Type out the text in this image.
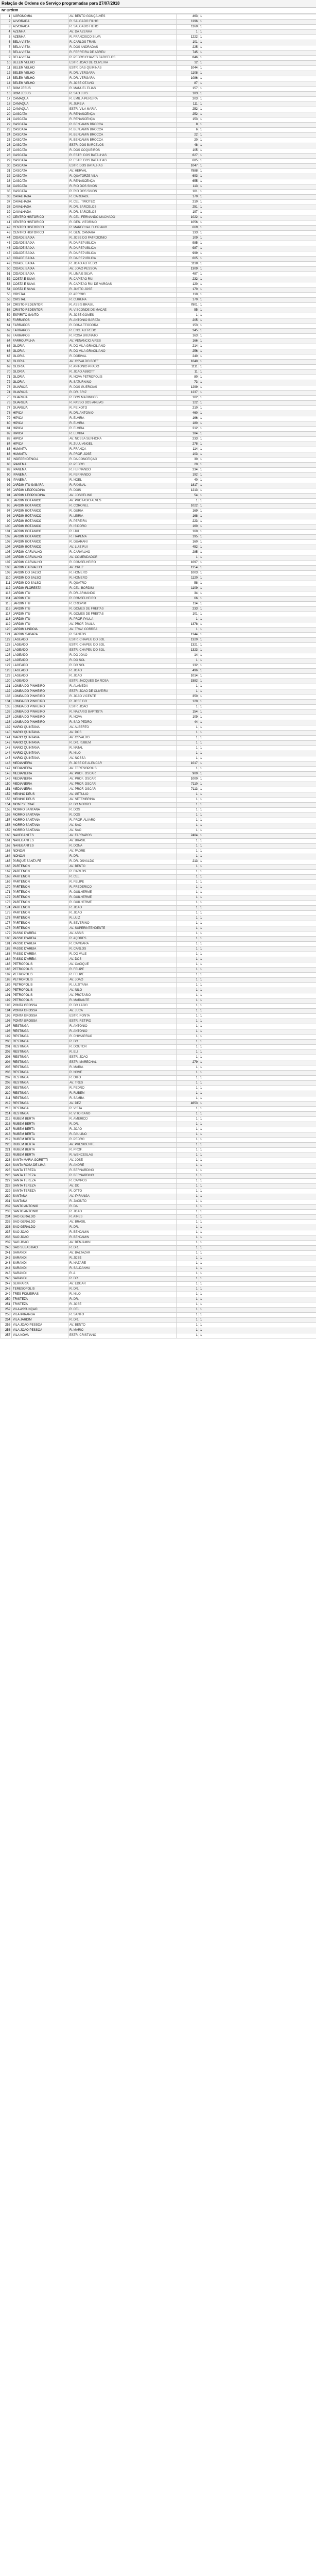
Relação de Ordens de Serviço programadas para 27/07/2018
Nr Ordem
1	AGRONOMIA	AV. BENTO GONÇALVES	463	1
2	ALVORADA	R. SALGADO FILHO	1196	1
3	ALVORADA	R. SALGADO FILHO	1160	1
4	AZENHA	AV. DA AZENHA	1	1
5	AZENHA	R. FRANCISCO SILVA	1222	1
6	BELA VISTA	R. CARLOS TRAIN	101	1
7	BELA VISTA	R. DOS ANDRADAS	225	1
8	BELA VISTA	R. FERREIRA DE ABREU	745	1
9	BELA VISTA	R. PEDRO CHAVES BARCELOS	846	1
10	BELÉM VELHO	ESTR. JOÃO DE OLIVEIRA	12	1
11	BELÉM VELHO	ESTR. DAS QUIRINAS	1044	1
12	BELÉM VELHO	R. DR. VERGARA	1108	1
13	BELÉM VELHO	R. DR. VERGARA	1086	1
14	BELÉM VELHO	R. JOSÉ OTÁVIO	87	1
15	BOM JESUS	R. MANUEL ELIAS	157	1
16	BOM JESUS	R. SÃO LUÍS	183	1
17	CAMAQUÃ	R. EMÍLIA PEREIRA	203	1
18	CAMAQUÃ	R. JUREIA	111	1
19	CAMAQUÃ	ESTR. VILA MARIA	252	1
20	CASCATA	R. RENASCENÇA	252	1
21	CASCATA	R. RENASCENÇA	153	1
22	CASCATA	R. BENJAMIN BROCCA	8	1
23	CASCATA	R. BENJAMIN BROCCA	6	1
24	CASCATA	R. BENJAMIN BROCCA	22	1
25	CASCATA	R. BENJAMIN BROCCA	20	1
26	CASCATA	ESTR. DOS BARCELOS	48	1
27	CASCATA	R. DOS COQUEIROS	105	1
28	CASCATA	R. ESTR. DOS BATALHAS	627	1
29	CASCATA	R. ESTR. DOS BATALHAS	685	1
30	CASCATA	ESTR. DOS BATALHAS	1047	1
31	CASCATA	AV. HERVAL	7888	1
32	CASCATA	R. QUATORZE VILA	693	1
33	CASCATA	R. RENASCENÇA	655	1
34	CASCATA	R. RIO DOS SINOS	113	1
35	CASCATA	R. RIO DOS SINOS	101	1
36	CAVALHADA	R. CARIDADE	170	1
37	CAVALHADA	R. CEL. TIMÓTEO	210	1
38	CAVALHADA	R. DR. BARCELOS	251	1
39	CAVALHADA	R. DR. BARCELOS	197	1
40	CENTRO HISTÓRICO	R. CEL. FERNANDO MACHADO	1022	1
41	CENTRO HISTÓRICO	R. GEN. VITORINO	1056	1
42	CENTRO HISTÓRICO	R. MARECHAL FLORIANO	669	1
43	CENTRO HISTÓRICO	R. GEN. CÂMARA	133	1
44	CIDADE BAIXA	R. JOSÉ DO PATROCÍNIO	109	1
45	CIDADE BAIXA	R. DA REPÚBLICA	985	1
46	CIDADE BAIXA	R. DA REPÚBLICA	987	1
47	CIDADE BAIXA	R. DA REPÚBLICA	999	1
48	CIDADE BAIXA	R. DA REPÚBLICA	605	1
49	CIDADE BAIXA	R. JOÃO ALFREDO	1118	1
50	CIDADE BAIXA	AV. JOÃO PESSOA	1309	1
51	CIDADE BAIXA	R. LIMA E SILVA	487	1
52	COSTA E SILVA	R. CAPITÃO RUI	232	1
53	COSTA E SILVA	R. CAPITÃO RUI DE VARGAS	120	1
54	COSTA E SILVA	R. JUSTO JOSÉ	170	1
55	CRISTAL	R. ARROIO	110	1
56	CRISTAL	R. CURUPÁ	170	1
57	CRISTO REDENTOR	R. ASSIS BRASIL	7801	1
58	CRISTO REDENTOR	R. VISCONDE DE MACAÉ	55	1
59	ESPÍRITO SANTO	R. JOSÉ GOMES	1	1
60	FARRAPOS	R. ANTÔNIO BARATA	205	1
61	FARRAPOS	R. DONA TEODORA	153	1
62	FARRAPOS	R. ENG. ALFREDO	245	1
63	FARRAPOS	R. ROSA BRUNATO	163	1
64	FARROUPILHA	AV. VENÂNCIO AIRES	166	1
65	GLÓRIA	R. DO VILA GRACILIANO	214	1
66	GLÓRIA	R. DO VILA GRACILIANO	256	1
67	GLÓRIA	R. DORIVAL	240	1
68	GLÓRIA	AV. OSVALDO BOFF	1040	1
69	GLÓRIA	R. ANTÔNIO PRADO	1111	1
70	GLÓRIA	R. JOÃO ABBOTT	11	1
71	GLÓRIA	R. NOVA PETRÓPOLIS	80	1
72	GLÓRIA	R. SATURNINO	73	1
73	GUARUJÁ	R. DOS GUERCIAS	1299	1
74	GUARUJÁ	R. DR. BRIZ	1237	1
75	GUARUJÁ	R. DOS MARINHOS	102	1
76	GUARUJÁ	R. PASSO DOS AREIAS	122	1
77	GUARUJÁ	R. PEIXOTO	210	1
78	HÍPICA	R. DR. ANTÔNIO	460	1
79	HÍPICA	R. ELVIRA	166	1
80	HÍPICA	R. ELVIRA	180	1
81	HÍPICA	R. ELVIRA	212	1
82	HÍPICA	R. ELVIRA	184	1
83	HÍPICA	AV. NOSSA SENHORA	233	1
84	HÍPICA	R. ZULU ANGEL	278	1
85	HUMAITÁ	R. FRANÇA	114	1
86	HUMAITÁ	R. PROF. JOSÉ	103	1
87	INDEPENDÊNCIA	R. DA CONCEIÇÃO	30	1
88	IPANEMA	R. PEDRO	20	1
89	IPANEMA	R. FERNANDO	234	1
90	IPANEMA	R. FERNANDO	192	1
91	IPANEMA	R. NOEL	40	1
92	JARDIM ITU SABARÁ	R. FAXINAL	1817	1
93	JARDIM LEOPOLDINA	R. DOIS	1213	1
94	JARDIM LEOPOLDINA	AV. JOSCELINO	54	1
95	JARDIM BOTÂNICO	AV. PROTÁSIO ALVES	1	1
96	JARDIM BOTÂNICO	R. CORONEL	1022	1
97	JARDIM BOTÂNICO	R. GURIA	169	1
98	JARDIM BOTÂNICO	R. LEIRIA	168	1
99	JARDIM BOTÂNICO	R. PEREIRA	223	1
100	JARDIM BOTÂNICO	R. ISIDORO	160	1
101	JARDIM BOTÂNICO	R. IJUÍ	160	1
102	JARDIM BOTÂNICO	R. ITAPEMA	195	1
103	JARDIM BOTÂNICO	R. GUARANI	160	1
104	JARDIM BOTÂNICO	AV. LUIZ RUI	452	1
105	JARDIM CARVALHO	R. CARVALHO	285	1
106	JARDIM CARVALHO	AV. COMENDADOR	1	1
107	JARDIM CARVALHO	R. CONSELHEIRO	1097	1
108	JARDIM CARVALHO	AV. CRUZ	1254	1
109	JARDIM DO SALSO	R. HOMERO	1003	1
110	JARDIM DO SALSO	R. HOMERO	1120	1
111	JARDIM DO SALSO	R. QUATRO	58	1
112	JARDIM FLORESTA	R. CEL. BORDINI	1109	1
113	JARDIM ITU	R. DR. ARMANDO	34	1
114	JARDIM ITU	R. CONSELHEIRO	66	1
115	JARDIM ITU	R. CRÍSPIM	114	1
116	JARDIM ITU	R. GOMES DE FREITAS	233	1
117	JARDIM ITU	R. GOMES DE FREITAS	101	1
118	JARDIM ITU	R. PROF. PAULA	1	1
119	JARDIM ITU	AV. PROF. PAULA	1378	1
120	JARDIM LINDÓIA	AV. TRAV. CORRÊA	1	1
121	JARDIM SABARÁ	R. SANTOS	1244	1
122	LAGEADO	ESTR. CHAPÉU DO SOL	1320	1
123	LAGEADO	ESTR. CHAPÉU DO SOL	1321	1
124	LAGEADO	ESTR. CHAPÉU DO SOL	1323	1
125	LAGEADO	R. DO JOÃO	14	1
126	LAGEADO	R. DO SOL	1	1
127	LAGEADO	R. DO SOL	132	1
128	LAGEADO	R. JOÃO	496	1
129	LAGEADO	R. JOÃO	1014	1
130	LAGEADO	ESTR. JACQUES DA ROSA	1582	1
131	LOMBA DO PINHEIRO	R. ALAMEDA	1	1
132	LOMBA DO PINHEIRO	ESTR. JOÃO DE OLIVEIRA	1	1
133	LOMBA DO PINHEIRO	R. JOÃO VICENTE	350	1
134	LOMBA DO PINHEIRO	R. JOSÉ DO	120	1
135	LOMBA DO PINHEIRO	ESTR. JOÃO	1	1
136	LOMBA DO PINHEIRO	R. NAZÁRIO BAPTISTA	154	1
137	LOMBA DO PINHEIRO	R. NOVA	109	1
138	LOMBA DO PINHEIRO	R. SÃO PEDRO	44	1
139	MARIO QUINTANA	AV. ALBERTO	1	1
140	MARIO QUINTANA	AV. DOS	1	1
141	MARIO QUINTANA	AV. OSVALDO	1	1
142	MARIO QUINTANA	R. DR. RUBEM	1	1
143	MARIO QUINTANA	R. NATAL	1	1
144	MARIO QUINTANA	R. NILO	1	1
145	MARIO QUINTANA	AV. NOSSA	1	1
146	MEDIANEIRA	R. JOSÉ DE ALENCAR	1017	1
147	MEDIANEIRA	AV. TERESÓPOLIS	1	1
148	MEDIANEIRA	AV. PROF. OSCAR	900	1
149	MEDIANEIRA	AV. PROF. OSCAR	1000	1
150	MEDIANEIRA	AV. PROF. OSCAR	7110	1
151	MEDIANEIRA	AV. PROF. OSCAR	7113	1
152	MENINO DEUS	AV. GETÚLIO	1	1
153	MENINO DEUS	AV. SETEMBRINA	1	1
154	MONT'SERRAT	R. DO MORRO	1	1
155	MORRO SANTANA	R. DOS	1	1
156	MORRO SANTANA	R. DOS	1	1
157	MORRO SANTANA	R. PROF. ÁLVARO	1	1
158	MORRO SANTANA	AV. SÃO	1	1
159	MORRO SANTANA	AV. SÃO	1	1
160	NAVEGANTES	AV. FARRAPOS	2404	1
161	NAVEGANTES	AV. BRASIL	1	1
162	NAVEGANTES	R. DONA	1	1
163	NONOAI	AV. PADRE	1	1
164	NONOAI	R. DR.	1	1
165	PARQUE SANTA FÉ	R. DR. OSVALDO	213	1
166	PARTENON	AV. BENTO	1	1
167	PARTENON	R. CARLOS	1	1
168	PARTENON	R. CEL.	1	1
169	PARTENON	R. FELIPE	1	1
170	PARTENON	R. FREDERICO	1	1
171	PARTENON	R. GUILHERME	1	1
172	PARTENON	R. GUILHERME	1	1
173	PARTENON	R. GUILHERME	1	1
174	PARTENON	R. JOÃO	1	1
175	PARTENON	R. JOÃO	1	1
176	PARTENON	R. LUIZ	1	1
177	PARTENON	R. SEVERINO	1	1
178	PARTENON	AV. SUPERINTENDENTE	1	1
179	PASSO D'AREIA	AV. ASSIS	1	1
180	PASSO D'AREIA	R. AÇORES	1	1
181	PASSO D'AREIA	R. CAMBARÁ	1	1
182	PASSO D'AREIA	R. CARLOS	1	1
183	PASSO D'AREIA	R. DO VALE	1	1
184	PASSO D'AREIA	AV. DOS	1	1
185	PETRÓPOLIS	AV. CACIQUE	1	1
186	PETRÓPOLIS	R. FELIPE	1	1
187	PETRÓPOLIS	R. FELIPE	1	1
188	PETRÓPOLIS	AV. JOÃO	1	1
189	PETRÓPOLIS	R. LUZITANA	1	1
190	PETRÓPOLIS	AV. NILO	1	1
191	PETRÓPOLIS	AV. PROTÁSIO	1	1
192	PETRÓPOLIS	R. MARIANTE	1	1
193	PONTA GROSSA	R. DO LAGO	1	1
194	PONTA GROSSA	AV. JUCA	1	1
195	PONTA GROSSA	ESTR. PONTA	1	1
196	PONTA GROSSA	ESTR. RETIRO	1	1
197	RESTINGA	R. ANTÔNIO	1	1
198	RESTINGA	R. ANTÔNIO	1	1
199	RESTINGA	R. CHIMARRÃO	1	1
200	RESTINGA	R. DO	1	1
201	RESTINGA	R. DOUTOR	1	1
202	RESTINGA	R. ELI	1	1
203	RESTINGA	ESTR. JOÃO	1	1
204	RESTINGA	ESTR. MARECHAL	279	1
205	RESTINGA	R. MARIA	1	1
206	RESTINGA	R. NOVE	1	1
207	RESTINGA	R. OITO	1	1
208	RESTINGA	AV. TRÊS	1	1
209	RESTINGA	R. PEDRO	1	1
210	RESTINGA	R. RUBEM	1	1
211	RESTINGA	R. SAMBA	1	1
212	RESTINGA	AV. DEZ	4653	1
213	RESTINGA	R. VISTA	1	1
214	RESTINGA	R. VITORIANO	1	1
215	RUBEM BERTA	R. AMÉRICO	1	1
216	RUBEM BERTA	R. DR.	1	1
217	RUBEM BERTA	R. JOÃO	1	1
218	RUBEM BERTA	R. PAULINO	1	1
219	RUBEM BERTA	R. PEDRO	1	1
220	RUBEM BERTA	AV. PRESIDENTE	1	1
221	RUBEM BERTA	R. PROF.	1	1
222	RUBEM BERTA	R. WENCESLAU	1	1
223	SANTA MARIA GORETTI	AV. JOSÉ	1	1
224	SANTA ROSA DE LIMA	R. ANDRÉ	1	1
225	SANTA TEREZA	R. BERNARDINO	1	1
226	SANTA TEREZA	R. BERNARDINO	1	1
227	SANTA TEREZA	R. CAMPOS	1	1
228	SANTA TEREZA	AV. DO	1	1
229	SANTA TEREZA	R. OTTO	1	1
230	SANTANA	AV. IPIRANGA	1	1
231	SANTANA	R. JACINTO	1	1
232	SANTO ANTÔNIO	R. DA	1	1
233	SANTO ANTÔNIO	R. JOÃO	1	1
234	SÃO GERALDO	R. AIRES	1	1
235	SÃO GERALDO	AV. BRASIL	1	1
236	SÃO GERALDO	R. DR.	1	1
237	SÃO JOÃO	R. BENJAMIN	1	1
238	SÃO JOÃO	R. BENJAMIN	1	1
239	SÃO JOÃO	AV. BENJAMIN	1	1
240	SÃO SEBASTIÃO	R. DR.	1	1
241	SARANDI	AV. BALTAZAR	1	1
242	SARANDI	R. JOSÉ	1	1
243	SARANDI	R. NAZARÉ	1	1
244	SARANDI	R. SALDANHA	1	1
245	SARANDI	R. A	1	1
246	SARANDI	R. DR.	1	1
247	SERRARIA	AV. EDGAR	1	1
248	TERESÓPOLIS	R. DR.	1	1
249	TRÊS FIGUEIRAS	R. NILO	1	1
250	TRISTEZA	R. DR.	1	1
251	TRISTEZA	R. JOSÉ	1	1
252	VILA ASSUNÇÃO	R. CEL.	1	1
253	VILA IPIRANGA	R. SANTO	1	1
254	VILA JARDIM	R. DR.	1	1
255	VILA JOÃO PESSOA	AV. BENTO	1	1
256	VILA JOÃO PESSOA	R. MARIO	1	1
257	VILA NOVA	ESTR. CRISTIANO	1	1
